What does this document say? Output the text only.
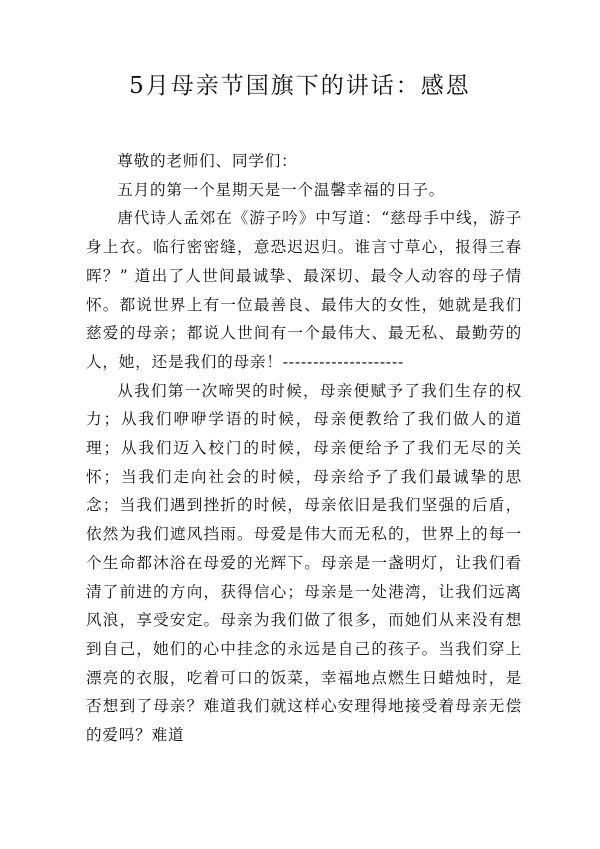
5月母亲节国旗下的讲话：感恩

尊敬的老师们、同学们：

五月的第一个星期天是一个温馨幸福的日子。

唐代诗人孟郊在《游子吟》中写道：“慈母手中线，游子身上衣。临行密密缝，意恐迟迟归。谁言寸草心，报得三春晖？” 道出了人世间最诚挚、最深切、最令人动容的母子情怀。都说世界上有一位最善良、最伟大的女性，她就是我们慈爱的母亲；都说人世间有一个最伟大、最无私、最勤劳的人，她，还是我们的母亲！--------------------

从我们第一次啼哭的时候，母亲便赋予了我们生存的权力；从我们咿咿学语的时候，母亲便教给了我们做人的道理；从我们迈入校门的时候，母亲便给予了我们无尽的关怀；当我们走向社会的时候，母亲给予了我们最诚挚的思念；当我们遇到挫折的时候，母亲依旧是我们坚强的后盾，依然为我们遮风挡雨。母爱是伟大而无私的，世界上的每一个生命都沐浴在母爱的光辉下。母亲是一盏明灯，让我们看清了前进的方向，获得信心；母亲是一处港湾，让我们远离风浪，享受安定。母亲为我们做了很多，而她们从来没有想到自己，她们的心中挂念的永远是自己的孩子。当我们穿上漂亮的衣服，吃着可口的饭菜，幸福地点燃生日蜡烛时，是否想到了母亲？难道我们就这样心安理得地接受着母亲无偿的爱吗？难道
